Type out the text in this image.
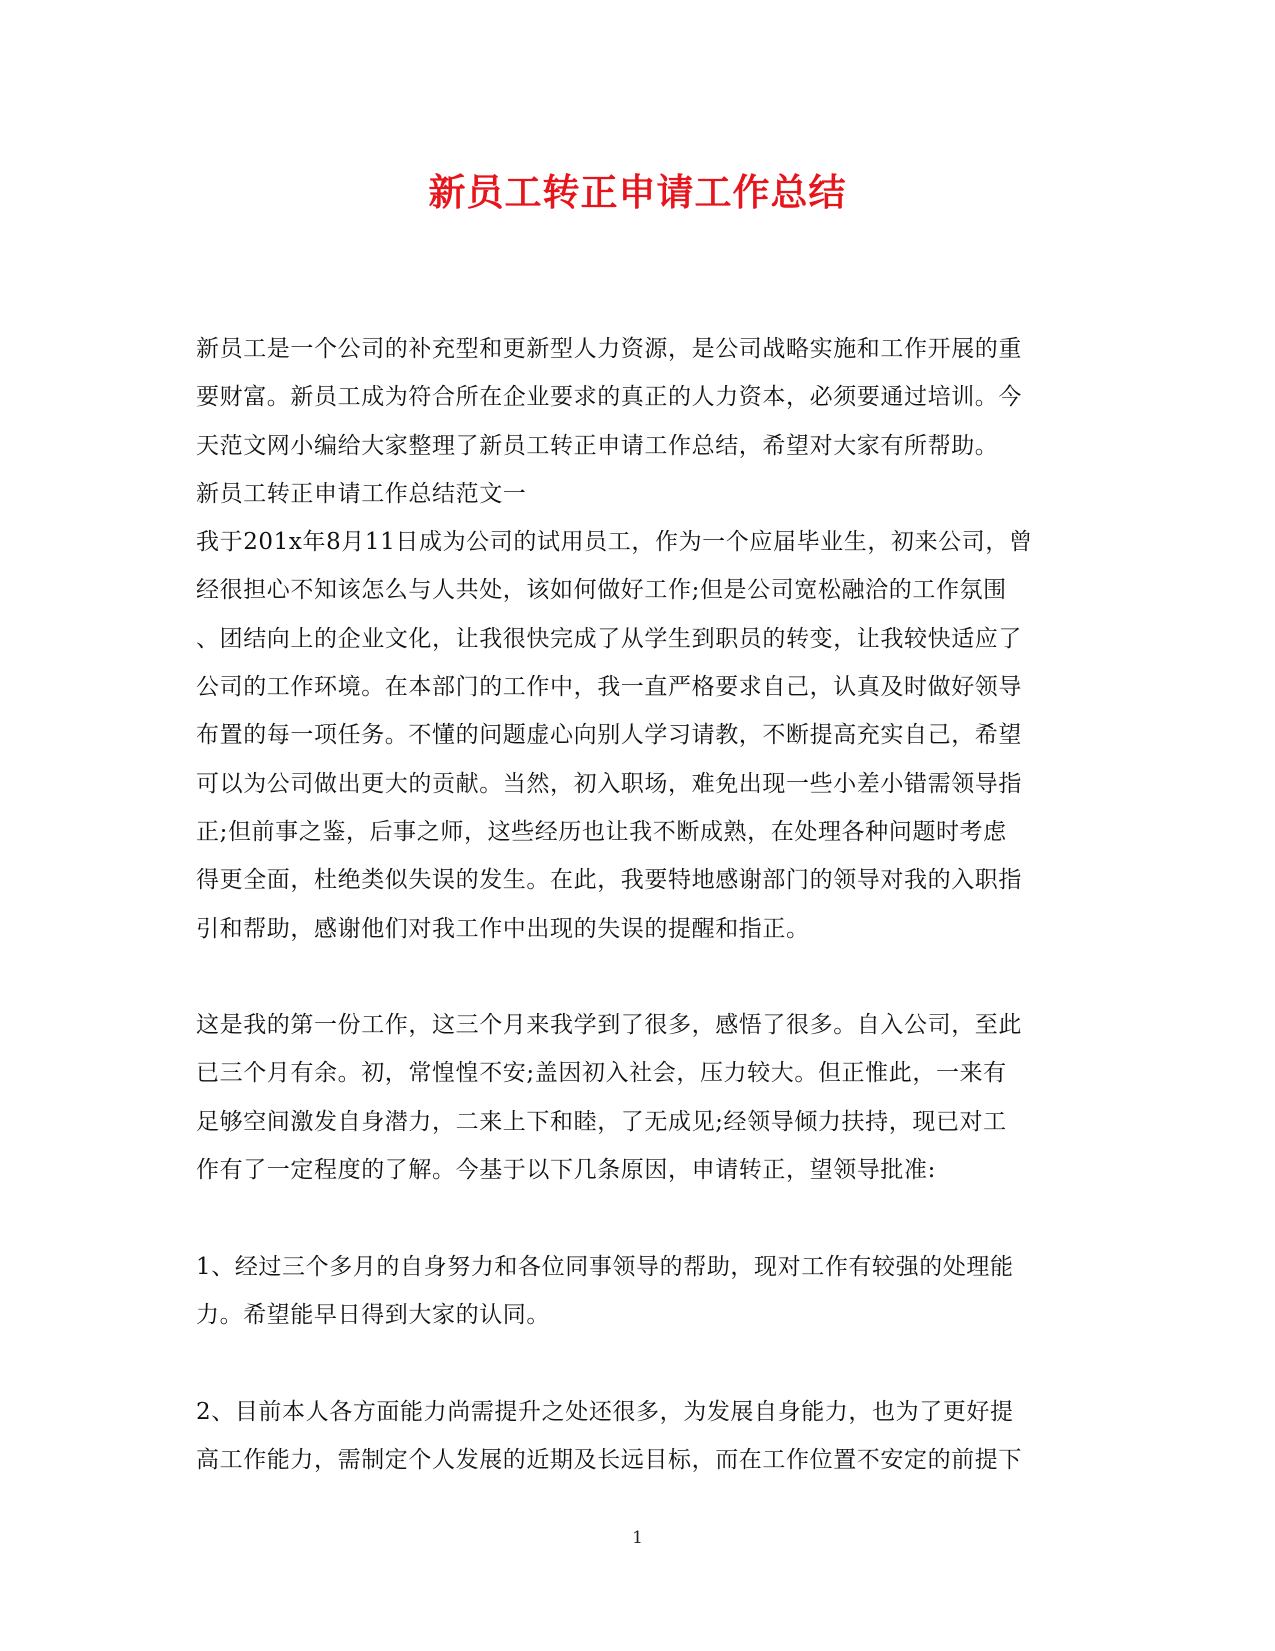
新员工转正申请工作总结
新员工是一个公司的补充型和更新型人力资源，是公司战略实施和工作开展的重
要财富。新员工成为符合所在企业要求的真正的人力资本，必须要通过培训。今
天范文网小编给大家整理了新员工转正申请工作总结，希望对大家有所帮助。
新员工转正申请工作总结范文一
我于201x年8月11日成为公司的试用员工，作为一个应届毕业生，初来公司，曾
经很担心不知该怎么与人共处，该如何做好工作;但是公司宽松融洽的工作氛围
、团结向上的企业文化，让我很快完成了从学生到职员的转变，让我较快适应了
公司的工作环境。在本部门的工作中，我一直严格要求自己，认真及时做好领导
布置的每一项任务。不懂的问题虚心向别人学习请教，不断提高充实自己，希望
可以为公司做出更大的贡献。当然，初入职场，难免出现一些小差小错需领导指
正;但前事之鉴，后事之师，这些经历也让我不断成熟，在处理各种问题时考虑
得更全面，杜绝类似失误的发生。在此，我要特地感谢部门的领导对我的入职指
引和帮助，感谢他们对我工作中出现的失误的提醒和指正。
这是我的第一份工作，这三个月来我学到了很多，感悟了很多。自入公司，至此
已三个月有余。初，常惶惶不安;盖因初入社会，压力较大。但正惟此，一来有
足够空间激发自身潜力，二来上下和睦，了无成见;经领导倾力扶持，现已对工
作有了一定程度的了解。今基于以下几条原因，申请转正，望领导批准:
1、经过三个多月的自身努力和各位同事领导的帮助，现对工作有较强的处理能
力。希望能早日得到大家的认同。
2、目前本人各方面能力尚需提升之处还很多，为发展自身能力，也为了更好提
高工作能力，需制定个人发展的近期及长远目标，而在工作位置不安定的前提下
1
